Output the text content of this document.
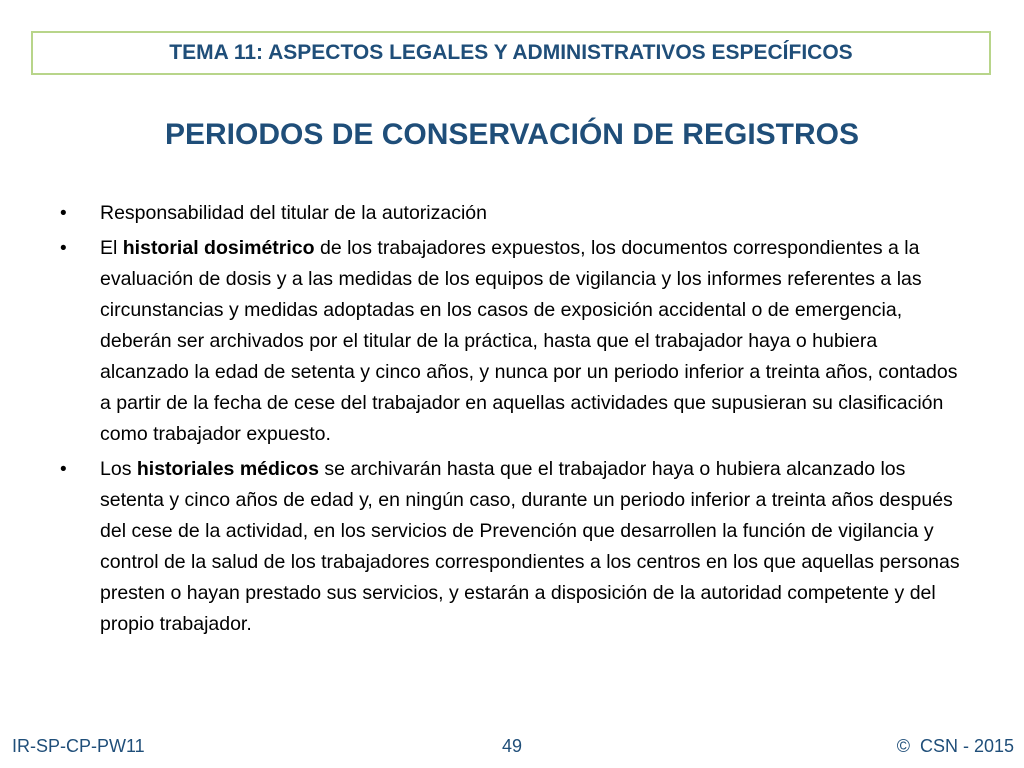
TEMA 11: ASPECTOS LEGALES Y ADMINISTRATIVOS ESPECÍFICOS
PERIODOS DE CONSERVACIÓN DE REGISTROS
•	Responsabilidad del titular de la autorización
•	El historial dosimétrico de los trabajadores expuestos, los documentos correspondientes a la evaluación de dosis y a las medidas de los equipos de vigilancia y los informes referentes a las circunstancias y medidas adoptadas en los casos de exposición accidental o de emergencia, deberán ser archivados por el titular de la práctica, hasta que el trabajador haya o hubiera alcanzado la edad de setenta y cinco años, y nunca por un periodo inferior a treinta años, contados a partir de la fecha de cese del trabajador en aquellas actividades que supusieran su clasificación como trabajador expuesto.
•	Los historiales médicos se archivarán hasta que el trabajador haya o hubiera alcanzado los setenta y cinco años de edad y, en ningún caso, durante un periodo inferior a treinta años después del cese de la actividad, en los servicios de Prevención que desarrollen la función de vigilancia y control de la salud de los trabajadores correspondientes a los centros en los que aquellas personas presten o hayan prestado sus servicios, y estarán a disposición de la autoridad competente y del propio trabajador.
IR-SP-CP-PW11	49	© CSN - 2015
